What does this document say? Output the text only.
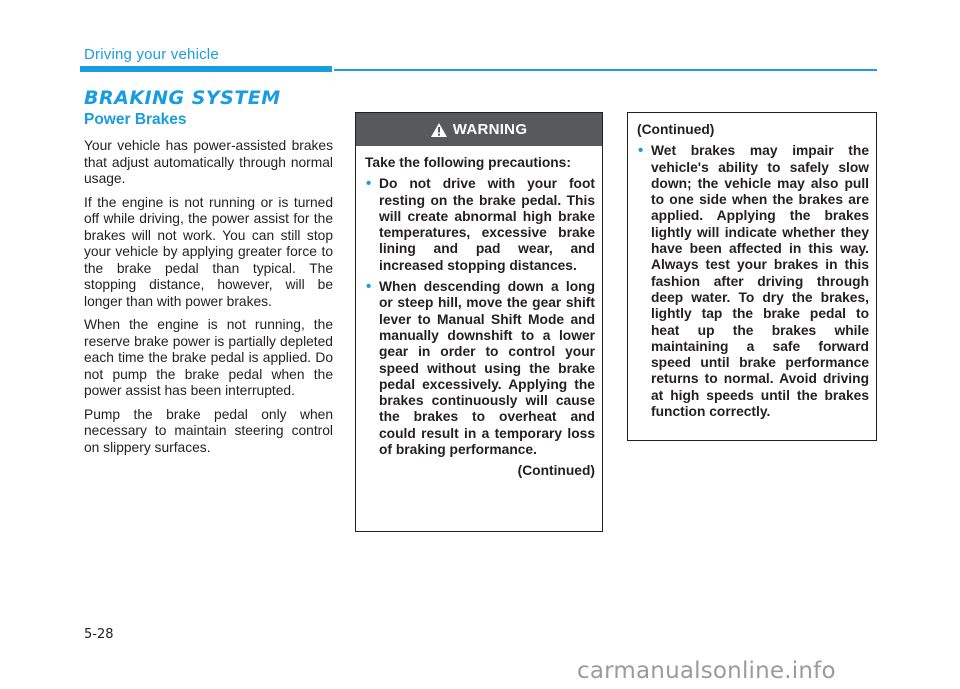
Driving your vehicle
BRAKING SYSTEM
Power Brakes

Your vehicle has power-assisted brakes that adjust automatically through normal usage.

If the engine is not running or is turned off while driving, the power assist for the brakes will not work. You can still stop your vehicle by applying greater force to the brake pedal than typical. The stopping distance, however, will be longer than with power brakes.

When the engine is not running, the reserve brake power is partially depleted each time the brake pedal is applied. Do not pump the brake pedal when the power assist has been interrupted.

Pump the brake pedal only when necessary to maintain steering control on slippery surfaces.

WARNING

Take the following precautions:

• Do not drive with your foot resting on the brake pedal. This will create abnormal high brake temperatures, excessive brake lining and pad wear, and increased stopping distances.
• When descending down a long or steep hill, move the gear shift lever to Manual Shift Mode and manually downshift to a lower gear in order to control your speed without using the brake pedal excessively. Applying the brakes continuously will cause the brakes to overheat and could result in a temporary loss of braking performance.
(Continued)

(Continued)

• Wet brakes may impair the vehicle's ability to safely slow down; the vehicle may also pull to one side when the brakes are applied. Applying the brakes lightly will indicate whether they have been affected in this way. Always test your brakes in this fashion after driving through deep water. To dry the brakes, lightly tap the brake pedal to heat up the brakes while maintaining a safe forward speed until brake performance returns to normal. Avoid driving at high speeds until the brakes function correctly.
5-28
carmanualsonline.info
